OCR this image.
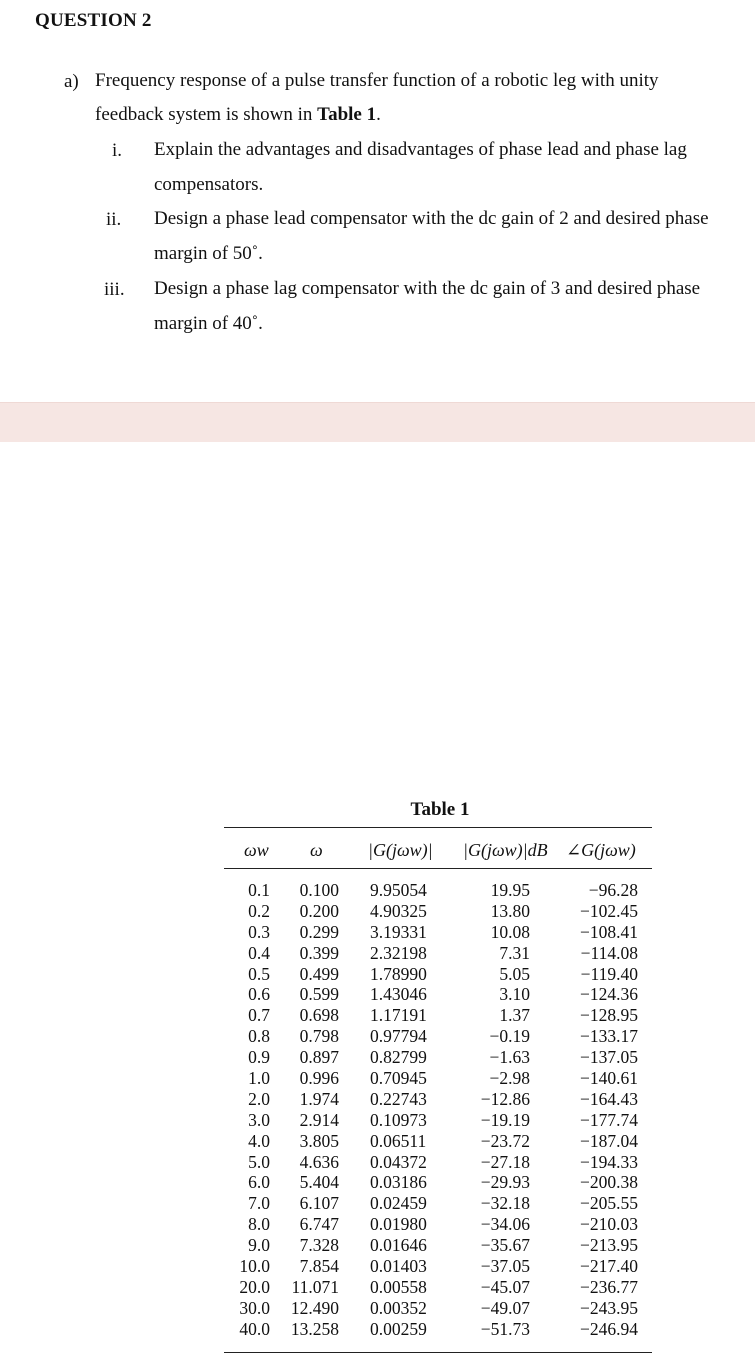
QUESTION 2
a) Frequency response of a pulse transfer function of a robotic leg with unity
feedback system is shown in Table 1.
i. Explain the advantages and disadvantages of phase lead and phase lag
compensators.
ii. Design a phase lead compensator with the dc gain of 2 and desired phase
margin of 50˚.
iii. Design a phase lag compensator with the dc gain of 3 and desired phase
margin of 40˚.
Table 1
ωw ω	|G(jωw)| |G(jωw)|dB ∠G(jωw)
0.1
0.2
0.3
0.4
0.5
0.6
0.7
0.8
0.9
1.0
2.0
3.0
4.0
5.0
6.0
7.0
8.0
9.0
10.0
20.0
30.0
40.0
0.100
0.200
0.299
0.399
0.499
0.599
0.698
0.798
0.897
0.996
1.974
2.914
3.805
4.636
5.404
6.107
6.747
7.328
7.854
11.071
12.490
13.258
9.95054
4.90325
3.19331
2.32198
1.78990
1.43046
1.17191
0.97794
0.82799
0.70945
0.22743
0.10973
0.06511
0.04372
0.03186
0.02459
0.01980
0.01646
0.01403
0.00558
0.00352
0.00259
19.95
13.80
10.08
7.31
5.05
3.10
1.37
−0.19
−1.63
−2.98
−12.86
−19.19
−23.72
−27.18
−29.93
−32.18
−34.06
−35.67
−37.05
−45.07
−49.07
−51.73
−96.28
−102.45
−108.41
−114.08
−119.40
−124.36
−128.95
−133.17
−137.05
−140.61
−164.43
−177.74
−187.04
−194.33
−200.38
−205.55
−210.03
−213.95
−217.40
−236.77
−243.95
−246.94
